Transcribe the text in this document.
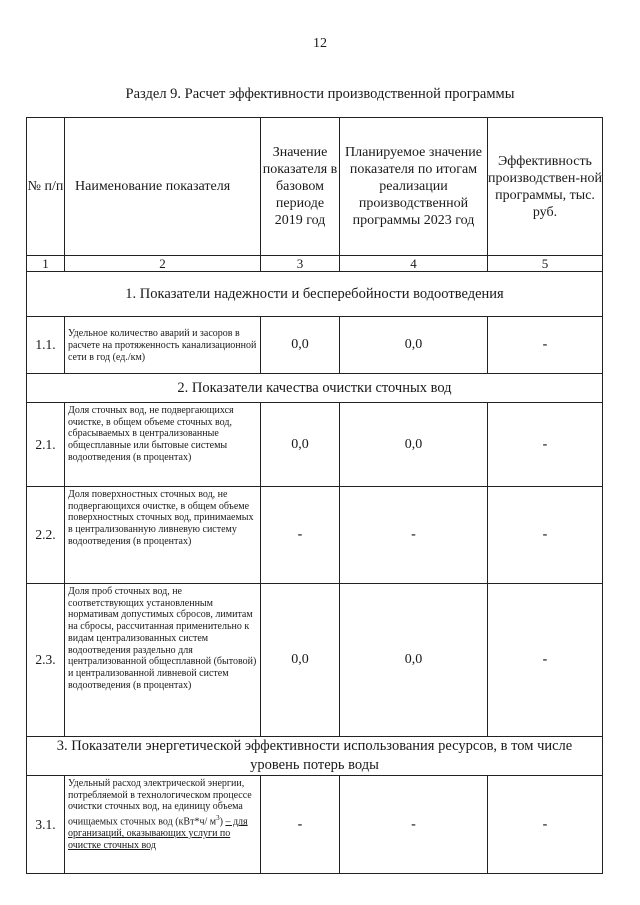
12
Раздел 9. Расчет эффективности производственной программы
№ п/п	Наименование показателя	Значение показателя в базовом периоде 2019 год	Планируемое значение показателя по итогам реализации производственной программы 2023 год	Эффективность производствен-ной программы, тыс. руб.
1	2	3	4	5
1. Показатели надежности и бесперебойности водоотведения				
1.1.	Удельное количество аварий и засоров в расчете на протяженность канализационной сети в год (ед./км)	0,0	0,0	-
2. Показатели качества очистки сточных вод				
2.1.	Доля сточных вод, не подвергающихся очистке, в общем объеме сточных вод, сбрасываемых в централизованные общесплавные или бытовые системы водоотведения (в процентах)	0,0	0,0	-
2.2.	Доля поверхностных сточных вод, не подвергающихся очистке, в общем объеме поверхностных сточных вод, принимаемых в централизованную ливневую систему водоотведения (в процентах)	-	-	-
2.3.	Доля проб сточных вод, не соответствующих установленным нормативам допустимых сбросов, лимитам на сбросы, рассчитанная применительно к видам централизованных систем водоотведения раздельно для централизованной общесплавной (бытовой) и централизованной ливневой систем водоотведения (в процентах)	0,0	0,0	-
3. Показатели энергетической эффективности использования ресурсов, в том числе уровень потерь воды				
3.1.	Удельный расход электрической энергии, потребляемой в технологическом процессе очистки сточных вод, на единицу объема очищаемых сточных вод (кВт*ч/ $м^3$) – для организаций, оказывающих услуги по очистке сточных вод	-	-	-
